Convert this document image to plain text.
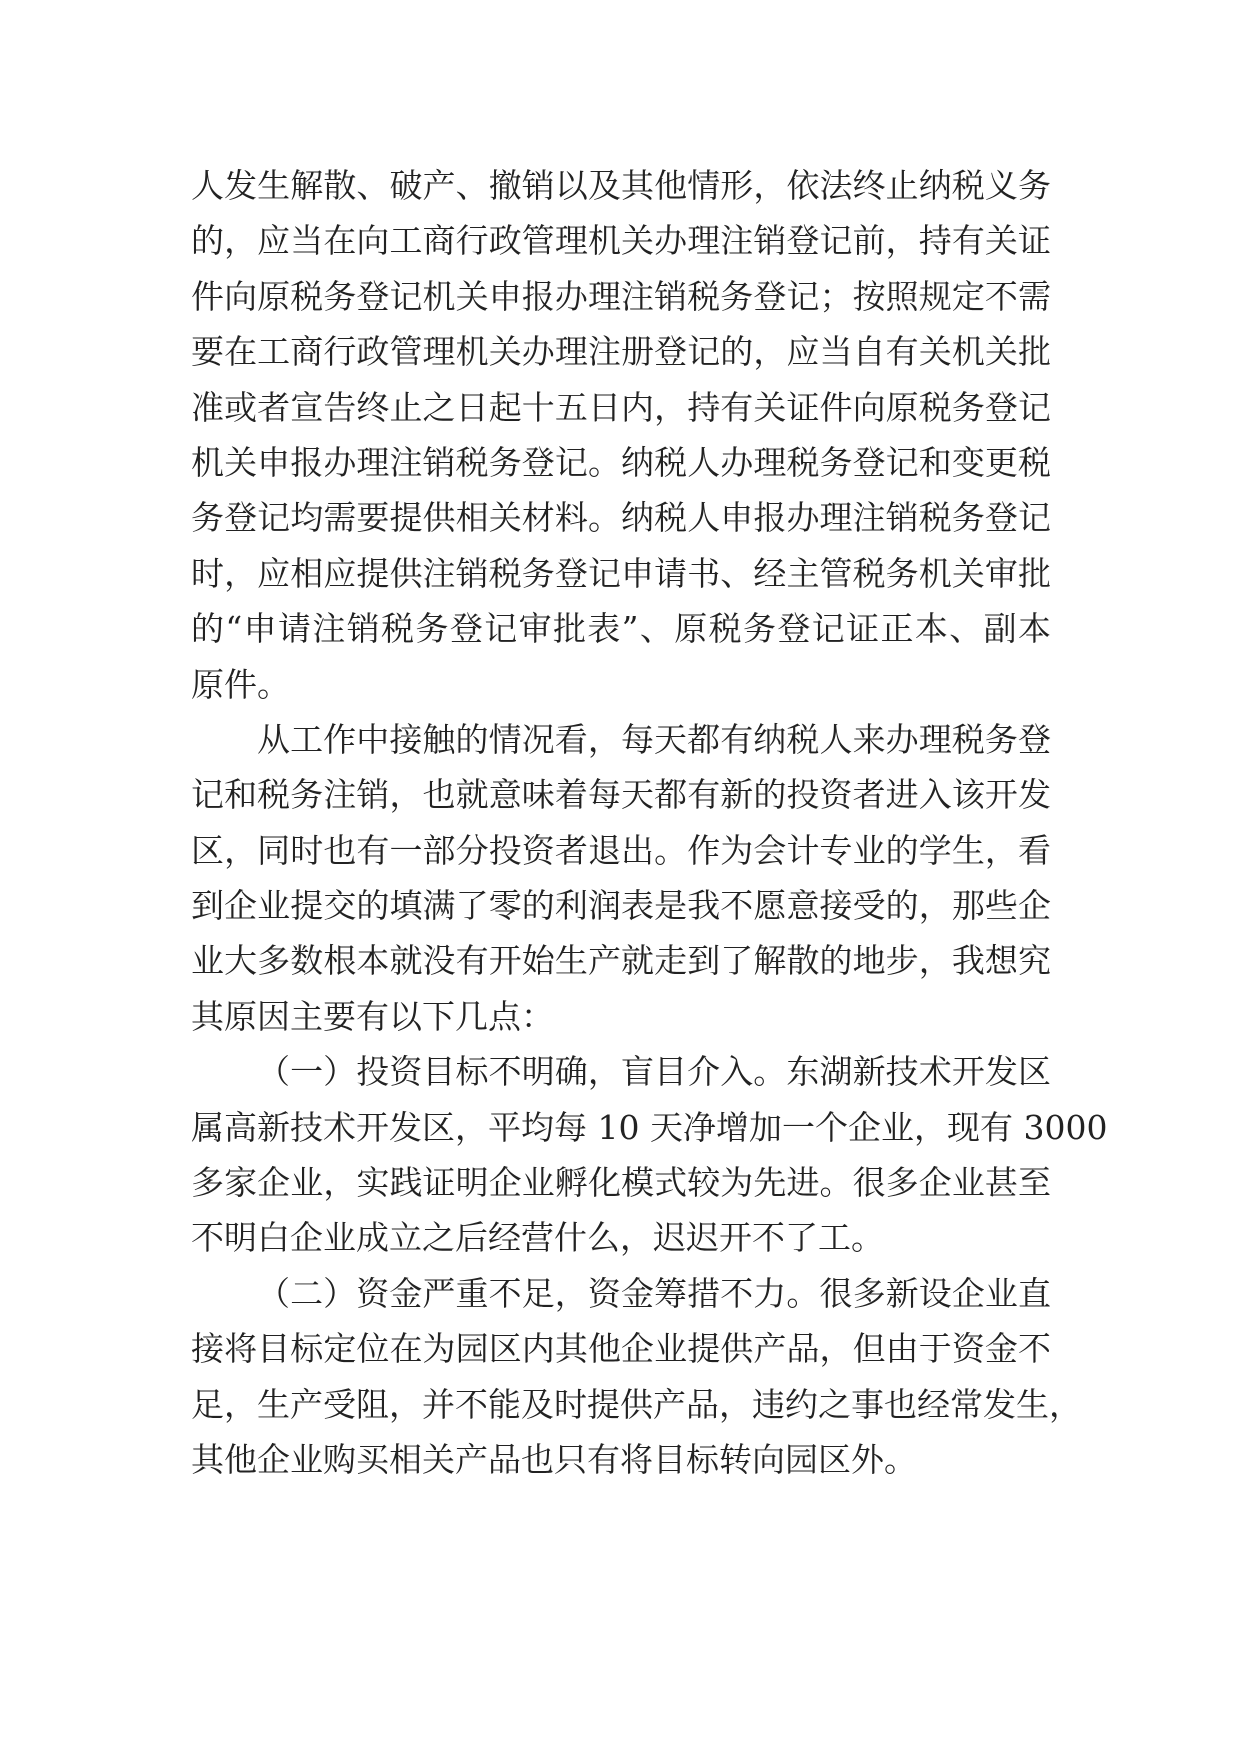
人发生解散、破产、撤销以及其他情形，依法终止纳税义务
的，应当在向工商行政管理机关办理注销登记前，持有关证
件向原税务登记机关申报办理注销税务登记；按照规定不需
要在工商行政管理机关办理注册登记的，应当自有关机关批
准或者宣告终止之日起十五日内，持有关证件向原税务登记
机关申报办理注销税务登记。纳税人办理税务登记和变更税
务登记均需要提供相关材料。纳税人申报办理注销税务登记
时，应相应提供注销税务登记申请书、经主管税务机关审批
的“申请注销税务登记审批表”、原税务登记证正本、副本
原件。
从工作中接触的情况看，每天都有纳税人来办理税务登
记和税务注销，也就意味着每天都有新的投资者进入该开发
区，同时也有一部分投资者退出。作为会计专业的学生，看
到企业提交的填满了零的利润表是我不愿意接受的，那些企
业大多数根本就没有开始生产就走到了解散的地步，我想究
其原因主要有以下几点：
（一）投资目标不明确，盲目介入。东湖新技术开发区
属高新技术开发区，平均每 10 天净增加一个企业，现有 3000
多家企业，实践证明企业孵化模式较为先进。很多企业甚至
不明白企业成立之后经营什么，迟迟开不了工。
（二）资金严重不足，资金筹措不力。很多新设企业直
接将目标定位在为园区内其他企业提供产品，但由于资金不
足，生产受阻，并不能及时提供产品，违约之事也经常发生，
其他企业购买相关产品也只有将目标转向园区外。
